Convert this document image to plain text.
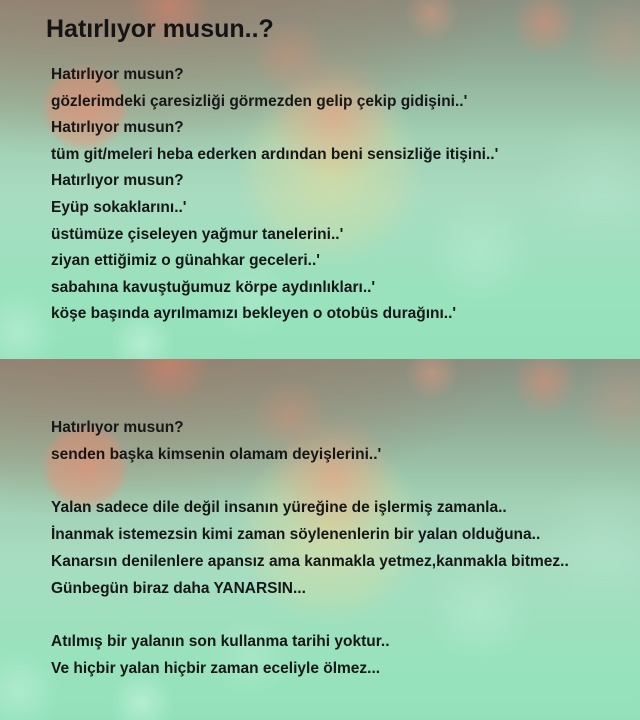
Hatırlıyor musun..?
Hatırlıyor musun?
gözlerimdeki çaresizliği görmezden gelip çekip gidişini..'
Hatırlıyor musun?
tüm git/meleri heba ederken ardından beni sensizliğe itişini..'
Hatırlıyor musun?
Eyüp sokaklarını..'
üstümüze çiseleyen yağmur tanelerini..'
ziyan ettiğimiz o günahkar geceleri..'
sabahına kavuştuğumuz körpe aydınlıkları..'
köşe başında ayrılmamızı bekleyen o otobüs durağını..'
Hatırlıyor musun?
senden başka kimsenin olamam deyişlerini..'
Yalan sadece dile değil insanın yüreğine de işlermiş zamanla..
İnanmak istemezsin kimi zaman söylenenlerin bir yalan olduğuna..
Kanarsın denilenlere apansız ama kanmakla yetmez,kanmakla bitmez..
Günbegün biraz daha YANARSIN...
Atılmış bir yalanın son kullanma tarihi yoktur..
Ve hiçbir yalan hiçbir zaman eceliyle ölmez...
